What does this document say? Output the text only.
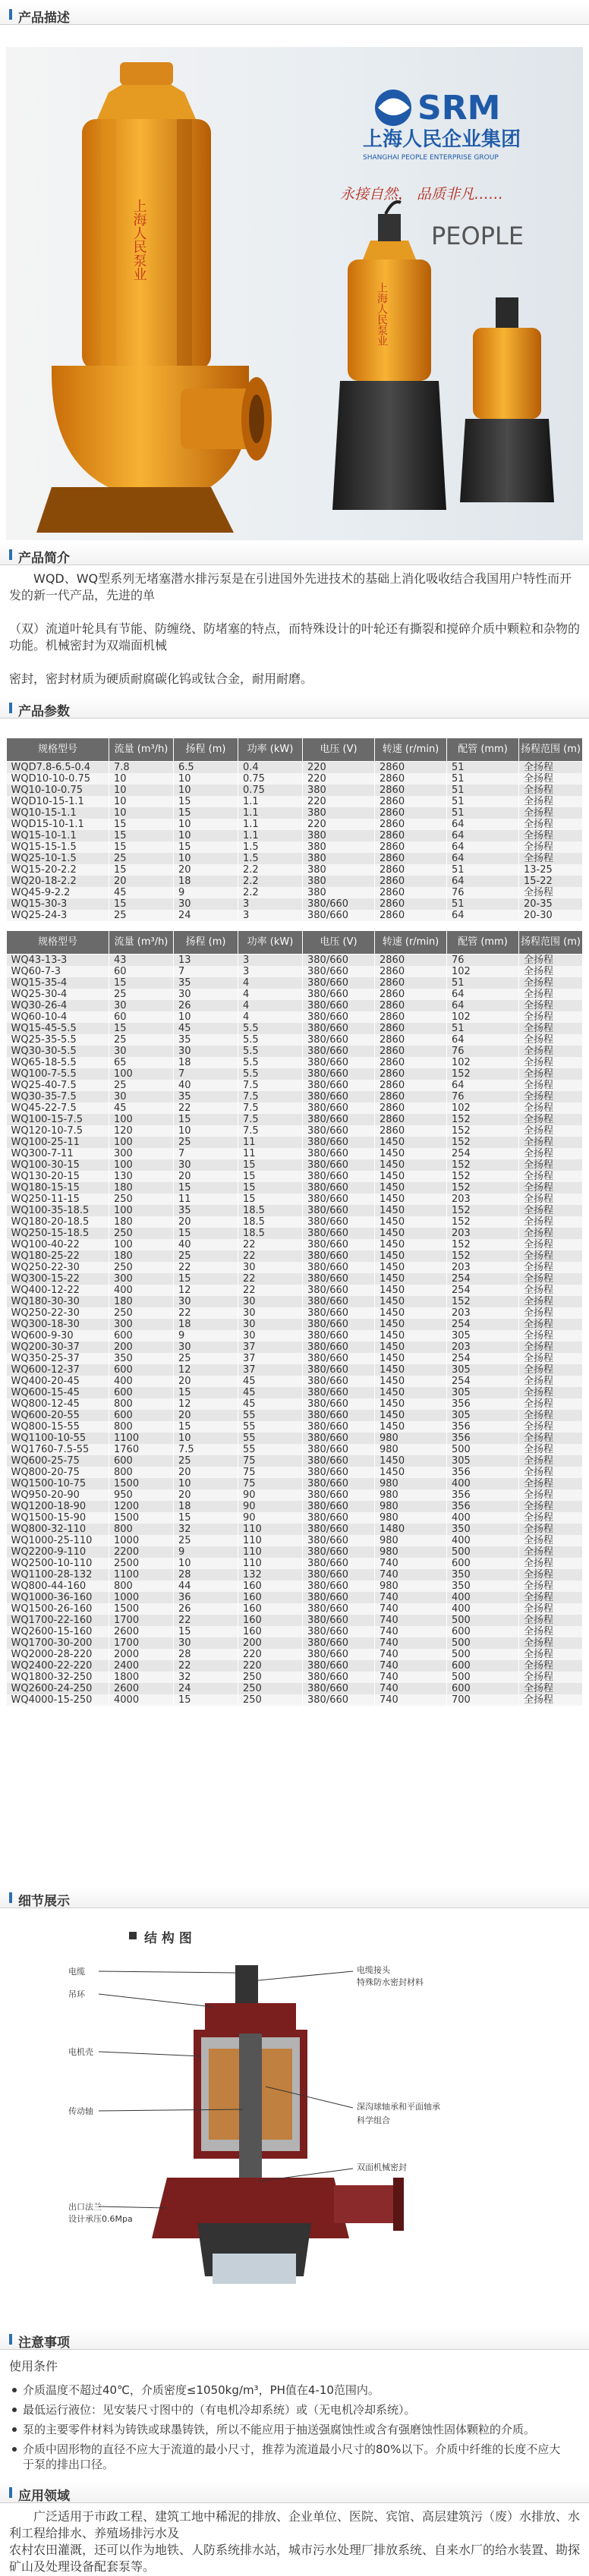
产品描述
上海人民泵业
上海人民泵业
SRM
上海人民企业集团
SHANGHAI PEOPLE ENTERPRISE GROUP
永接自然， 品质非凡……
PEOPLE
产品简介
WQD、WQ型系列无堵塞潜水排污泵是在引进国外先进技术的基础上消化吸收结合我国用户特性而开发的新一代产品，先进的单
（双）流道叶轮具有节能、防缠绕、防堵塞的特点，而特殊设计的叶轮还有撕裂和搅碎介质中颗粒和杂物的功能。机械密封为双端面机械
密封，密封材质为硬质耐腐碳化钨或钛合金，耐用耐磨。
产品参数
规格型号	流量 (m³/h)	扬程 (m)	功率 (kW)	电压 (V)	转速 (r/min)	配管 (mm)	扬程范围 (m)
WQD7.8-6.5-0.4	7.8	6.5	0.4	220	2860	51	全扬程
WQD10-10-0.75	10	10	0.75	220	2860	51	全扬程
WQ10-10-0.75	10	10	0.75	380	2860	51	全扬程
WQD10-15-1.1	10	15	1.1	220	2860	51	全扬程
WQ10-15-1.1	10	15	1.1	380	2860	51	全扬程
WQD15-10-1.1	15	10	1.1	220	2860	64	全扬程
WQ15-10-1.1	15	10	1.1	380	2860	64	全扬程
WQ15-15-1.5	15	15	1.5	380	2860	64	全扬程
WQ25-10-1.5	25	10	1.5	380	2860	64	全扬程
WQ15-20-2.2	15	20	2.2	380	2860	51	13-25
WQ20-18-2.2	20	18	2.2	380	2860	64	15-22
WQ45-9-2.2	45	9	2.2	380	2860	76	全扬程
WQ15-30-3	15	30	3	380/660	2860	51	20-35
WQ25-24-3	25	24	3	380/660	2860	64	20-30
规格型号	流量 (m³/h)	扬程 (m)	功率 (kW)	电压 (V)	转速 (r/min)	配管 (mm)	扬程范围 (m)
WQ43-13-3	43	13	3	380/660	2860	76	全扬程
WQ60-7-3	60	7	3	380/660	2860	102	全扬程
WQ15-35-4	15	35	4	380/660	2860	51	全扬程
WQ25-30-4	25	30	4	380/660	2860	64	全扬程
WQ30-26-4	30	26	4	380/660	2860	64	全扬程
WQ60-10-4	60	10	4	380/660	2860	102	全扬程
WQ15-45-5.5	15	45	5.5	380/660	2860	51	全扬程
WQ25-35-5.5	25	35	5.5	380/660	2860	64	全扬程
WQ30-30-5.5	30	30	5.5	380/660	2860	76	全扬程
WQ65-18-5.5	65	18	5.5	380/660	2860	102	全扬程
WQ100-7-5.5	100	7	5.5	380/660	2860	152	全扬程
WQ25-40-7.5	25	40	7.5	380/660	2860	64	全扬程
WQ30-35-7.5	30	35	7.5	380/660	2860	76	全扬程
WQ45-22-7.5	45	22	7.5	380/660	2860	102	全扬程
WQ100-15-7.5	100	15	7.5	380/660	2860	152	全扬程
WQ120-10-7.5	120	10	7.5	380/660	2860	152	全扬程
WQ100-25-11	100	25	11	380/660	1450	152	全扬程
WQ300-7-11	300	7	11	380/660	1450	254	全扬程
WQ100-30-15	100	30	15	380/660	1450	152	全扬程
WQ130-20-15	130	20	15	380/660	1450	152	全扬程
WQ180-15-15	180	15	15	380/660	1450	152	全扬程
WQ250-11-15	250	11	15	380/660	1450	203	全扬程
WQ100-35-18.5	100	35	18.5	380/660	1450	152	全扬程
WQ180-20-18.5	180	20	18.5	380/660	1450	152	全扬程
WQ250-15-18.5	250	15	18.5	380/660	1450	203	全扬程
WQ100-40-22	100	40	22	380/660	1450	152	全扬程
WQ180-25-22	180	25	22	380/660	1450	152	全扬程
WQ250-22-30	250	22	30	380/660	1450	203	全扬程
WQ300-15-22	300	15	22	380/660	1450	254	全扬程
WQ400-12-22	400	12	22	380/660	1450	254	全扬程
WQ180-30-30	180	30	30	380/660	1450	152	全扬程
WQ250-22-30	250	22	30	380/660	1450	203	全扬程
WQ300-18-30	300	18	30	380/660	1450	254	全扬程
WQ600-9-30	600	9	30	380/660	1450	305	全扬程
WQ200-30-37	200	30	37	380/660	1450	203	全扬程
WQ350-25-37	350	25	37	380/660	1450	254	全扬程
WQ600-12-37	600	12	37	380/660	1450	305	全扬程
WQ400-20-45	400	20	45	380/660	1450	254	全扬程
WQ600-15-45	600	15	45	380/660	1450	305	全扬程
WQ800-12-45	800	12	45	380/660	1450	356	全扬程
WQ600-20-55	600	20	55	380/660	1450	305	全扬程
WQ800-15-55	800	15	55	380/660	1450	356	全扬程
WQ1100-10-55	1100	10	55	380/660	980	356	全扬程
WQ1760-7.5-55	1760	7.5	55	380/660	980	500	全扬程
WQ600-25-75	600	25	75	380/660	1450	305	全扬程
WQ800-20-75	800	20	75	380/660	1450	356	全扬程
WQ1500-10-75	1500	10	75	380/660	980	400	全扬程
WQ950-20-90	950	20	90	380/660	980	356	全扬程
WQ1200-18-90	1200	18	90	380/660	980	356	全扬程
WQ1500-15-90	1500	15	90	380/660	980	400	全扬程
WQ800-32-110	800	32	110	380/660	1480	350	全扬程
WQ1000-25-110	1000	25	110	380/660	980	400	全扬程
WQ2200-9-110	2200	9	110	380/660	980	500	全扬程
WQ2500-10-110	2500	10	110	380/660	740	600	全扬程
WQ1100-28-132	1100	28	132	380/660	740	350	全扬程
WQ800-44-160	800	44	160	380/660	980	350	全扬程
WQ1000-36-160	1000	36	160	380/660	740	400	全扬程
WQ1500-26-160	1500	26	160	380/660	740	400	全扬程
WQ1700-22-160	1700	22	160	380/660	740	500	全扬程
WQ2600-15-160	2600	15	160	380/660	740	600	全扬程
WQ1700-30-200	1700	30	200	380/660	740	500	全扬程
WQ2000-28-220	2000	28	220	380/660	740	500	全扬程
WQ2400-22-220	2400	22	220	380/660	740	600	全扬程
WQ1800-32-250	1800	32	250	380/660	740	500	全扬程
WQ2600-24-250	2600	24	250	380/660	740	600	全扬程
WQ4000-15-250	4000	15	250	380/660	740	700	全扬程
细节展示
结 构 图
电缆
吊环
电机壳
传动轴
出口法兰
设计承压0.6Mpa
电缆接头
特殊防水密封材料
深沟球轴承和平面轴承
科学组合
双面机械密封
注意事项
使用条件
介质温度不超过40℃，介质密度≤1050kg/m³，PH值在4-10范围内。
最低运行液位：见安装尺寸图中的（有电机冷却系统）或（无电机冷却系统）。
泵的主要零件材料为铸铁或球墨铸铁，所以不能应用于抽送强腐蚀性或含有强磨蚀性固体颗粒的介质。
介质中固形物的直径不应大于流道的最小尺寸，推荐为流道最小尺寸的80%以下。介质中纤维的长度不应大于泵的排出口径。
应用领域
广泛适用于市政工程、建筑工地中稀泥的排放、企业单位、医院、宾馆、高层建筑污（废）水排放、水利工程给排水、养殖场排污水及
农村农田灌溉，还可以作为地铁、人防系统排水站，城市污水处理厂排放系统、自来水厂的给水装置、勘探矿山及处理设备配套泵等。
